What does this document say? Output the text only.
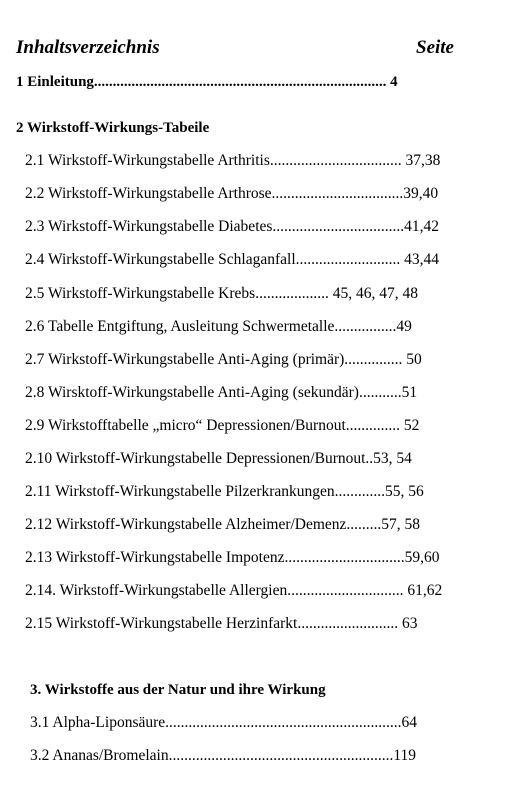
Inhaltsverzeichnis	Seite
1 Einleitung.............................................................................. 4
2 Wirkstoff-Wirkungs-Tabeile
2.1 Wirkstoff-Wirkungstabelle Arthritis.................................. 37,38
2.2 Wirkstoff-Wirkungstabelle Arthrose..................................39,40
2.3 Wirkstoff-Wirkungstabelle Diabetes..................................41,42
2.4 Wirkstoff-Wirkungstabelle Schlaganfall........................... 43,44
2.5 Wirkstoff-Wirkungstabelle Krebs................... 45, 46, 47, 48
2.6 Tabelle Entgiftung, Ausleitung Schwermetalle................49
2.7 Wirkstoff-Wirkungstabelle Anti-Aging (primär)............... 50
2.8 Wirsktoff-Wirkungstabelle Anti-Aging (sekundär)...........51
2.9 Wirkstofftabelle „micro“ Depressionen/Burnout.............. 52
2.10 Wirkstoff-Wirkungstabelle Depressionen/Burnout..53, 54
2.11 Wirkstoff-Wirkungstabelle Pilzerkrankungen.............55, 56
2.12 Wirkstoff-Wirkungstabelle Alzheimer/Demenz.........57, 58
2.13 Wirkstoff-Wirkungstabelle Impotenz...............................59,60
2.14. Wirkstoff-Wirkungstabelle Allergien.............................. 61,62
2.15 Wirkstoff-Wirkungstabelle Herzinfarkt.......................... 63
3. Wirkstoffe aus der Natur und ihre Wirkung
3.1 Alpha-Liponsäure.............................................................64
3.2 Ananas/Bromelain..........................................................119
